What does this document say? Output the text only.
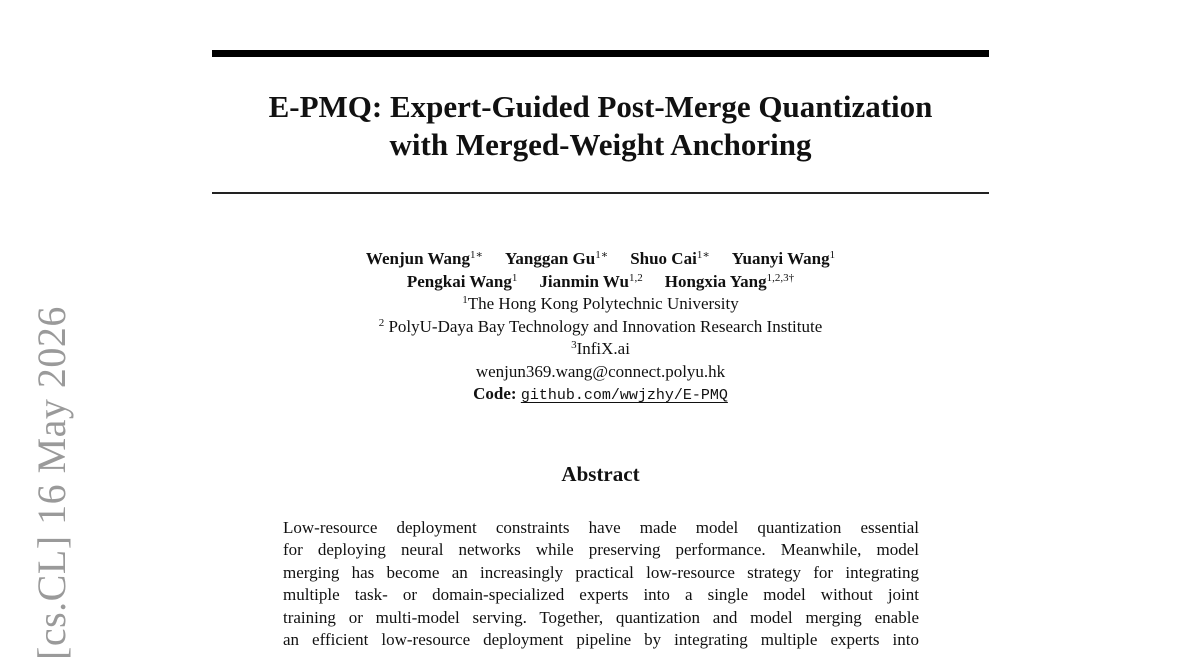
E-PMQ: Expert-Guided Post-Merge Quantization
with Merged-Weight Anchoring
Wenjun Wang$^{1∗}$ Yanggan $Gu^{1∗}$ Shuo Cai$^{1∗}$ Yuanyi Wang$^1$
Pengkai Wang$^1$ Jianmin Wu$^{1,2}$ Hongxia Yang$^{1,2,3\dagger}$
$^1$The Hong Kong Polytechnic University
$^2$ PolyU-Daya Bay Technology and Innovation Research Institute
$^3$InfiX.ai
wenjun369.wang@connect.polyu.hk
Code: github.com/wwjzhy/E-PMQ
Abstract
Low-resource deployment constraints have made model quantization essential
for deploying neural networks while preserving performance. Meanwhile, model
merging has become an increasingly practical low-resource strategy for integrating
multiple task- or domain-specialized experts into a single model without joint
training or multi-model serving. Together, quantization and model merging enable
an efficient low-resource deployment pipeline by integrating multiple experts into
[cs.CL] 16 May 2026
